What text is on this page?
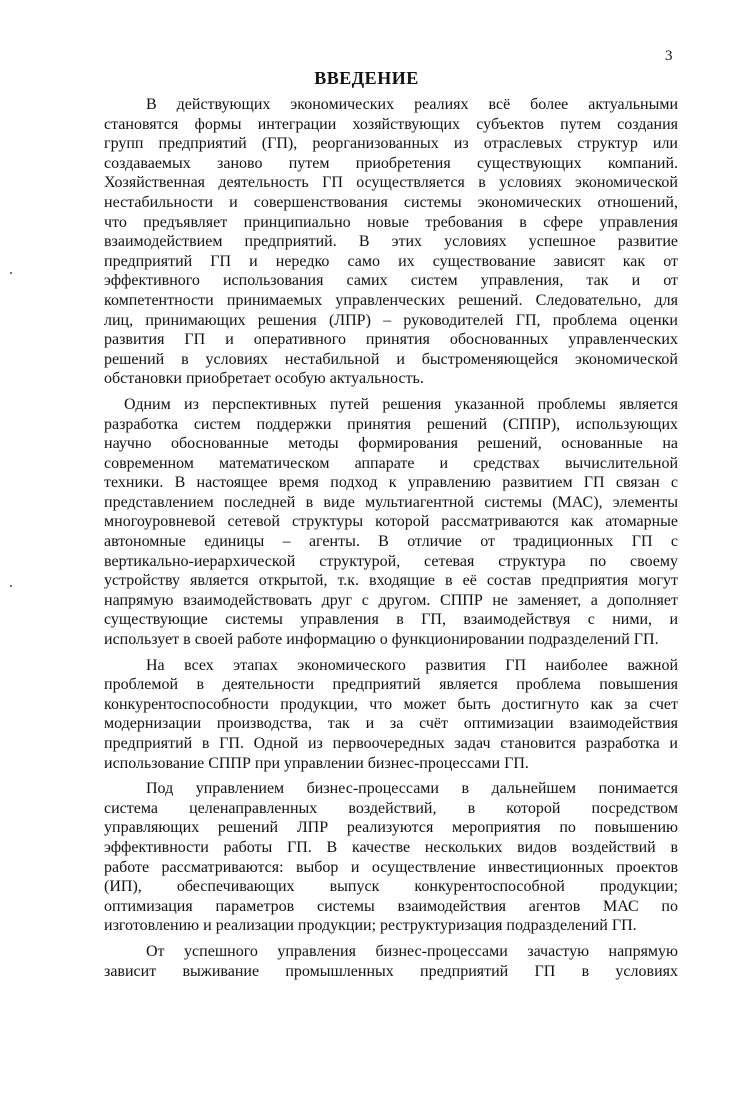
3
ВВЕДЕНИЕ
В действующих экономических реалиях всё более актуальными
становятся формы интеграции хозяйствующих субъектов путем создания
групп предприятий (ГП), реорганизованных из отраслевых структур или
создаваемых заново путем приобретения существующих компаний.
Хозяйственная деятельность ГП осуществляется в условиях экономической
нестабильности и совершенствования системы экономических отношений,
что предъявляет принципиально новые требования в сфере управления
взаимодействием предприятий. В этих условиях успешное развитие
предприятий ГП и нередко само их существование зависят как от
эффективного использования самих систем управления, так и от
компетентности принимаемых управленческих решений. Следовательно, для
лиц, принимающих решения (ЛПР) – руководителей ГП, проблема оценки
развития ГП и оперативного принятия обоснованных управленческих
решений в условиях нестабильной и быстроменяющейся экономической
обстановки приобретает особую актуальность.
Одним из перспективных путей решения указанной проблемы является
разработка систем поддержки принятия решений (СППР), использующих
научно обоснованные методы формирования решений, основанные на
современном математическом аппарате и средствах вычислительной
техники. В настоящее время подход к управлению развитием ГП связан с
представлением последней в виде мультиагентной системы (МАС), элементы
многоуровневой сетевой структуры которой рассматриваются как атомарные
автономные единицы – агенты. В отличие от традиционных ГП с
вертикально-иерархической структурой, сетевая структура по своему
устройству является открытой, т.к. входящие в её состав предприятия могут
напрямую взаимодействовать друг с другом. СППР не заменяет, а дополняет
существующие системы управления в ГП, взаимодействуя с ними, и
использует в своей работе информацию о функционировании подразделений ГП.
На всех этапах экономического развития ГП наиболее важной
проблемой в деятельности предприятий является проблема повышения
конкурентоспособности продукции, что может быть достигнуто как за счет
модернизации производства, так и за счёт оптимизации взаимодействия
предприятий в ГП. Одной из первоочередных задач становится разработка и
использование СППР при управлении бизнес-процессами ГП.
Под управлением бизнес-процессами в дальнейшем понимается
система целенаправленных воздействий, в которой посредством
управляющих решений ЛПР реализуются мероприятия по повышению
эффективности работы ГП. В качестве нескольких видов воздействий в
работе рассматриваются: выбор и осуществление инвестиционных проектов
(ИП), обеспечивающих выпуск конкурентоспособной продукции;
оптимизация параметров системы взаимодействия агентов МАС по
изготовлению и реализации продукции; реструктуризация подразделений ГП.
От успешного управления бизнес-процессами зачастую напрямую
зависит выживание промышленных предприятий ГП в условиях
